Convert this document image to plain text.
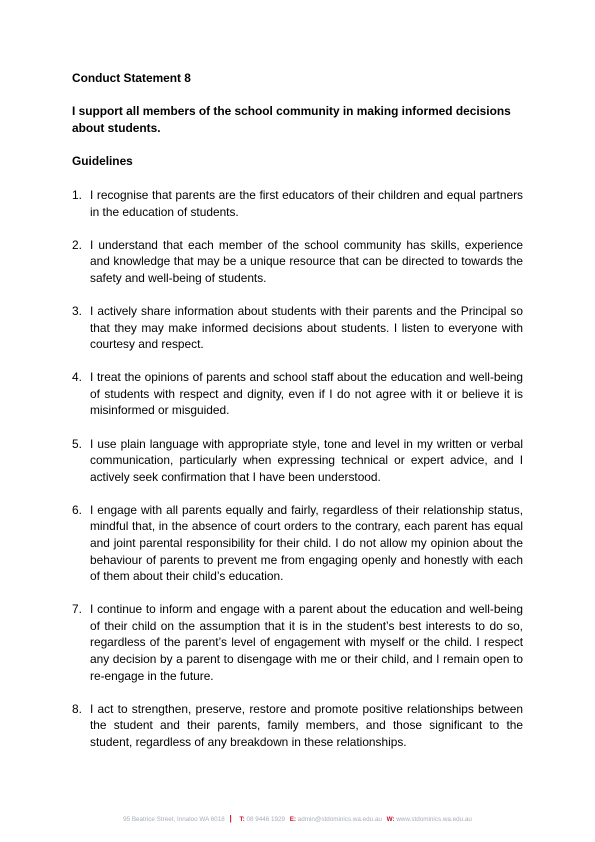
Conduct Statement 8

I support all members of the school community in making informed decisions about students.

Guidelines

1. I recognise that parents are the first educators of their children and equal partners in the education of students.
2. I understand that each member of the school community has skills, experience and knowledge that may be a unique resource that can be directed to towards the safety and well-being of students.
3. I actively share information about students with their parents and the Principal so that they may make informed decisions about students. I listen to everyone with courtesy and respect.
4. I treat the opinions of parents and school staff about the education and well-being of students with respect and dignity, even if I do not agree with it or believe it is misinformed or misguided.
5. I use plain language with appropriate style, tone and level in my written or verbal communication, particularly when expressing technical or expert advice, and I actively seek confirmation that I have been understood.
6. I engage with all parents equally and fairly, regardless of their relationship status, mindful that, in the absence of court orders to the contrary, each parent has equal and joint parental responsibility for their child. I do not allow my opinion about the behaviour of parents to prevent me from engaging openly and honestly with each of them about their child’s education.
7. I continue to inform and engage with a parent about the education and well-being of their child on the assumption that it is in the student’s best interests to do so, regardless of the parent’s level of engagement with myself or the child. I respect any decision by a parent to disengage with me or their child, and I remain open to re-engage in the future.
8. I act to strengthen, preserve, restore and promote positive relationships between the student and their parents, family members, and those significant to the student, regardless of any breakdown in these relationships.
95 Beatrice Street, Innaloo WA 6018 | T: 08 9446 1929 E: admin@stdominics.wa.edu.au W: www.stdominics.wa.edu.au
